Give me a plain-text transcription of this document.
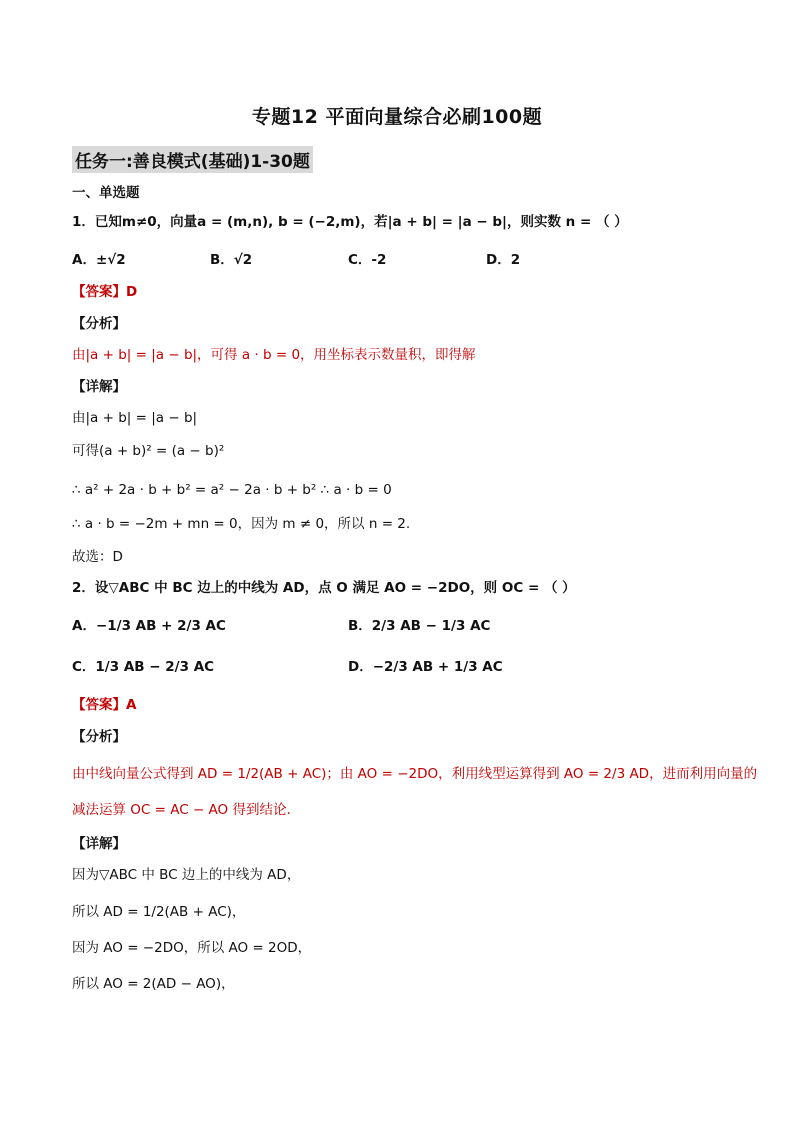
专题12 平面向量综合必刷100题
任务一:善良模式(基础)1-30题
一、单选题
1．已知m≠0，向量a = (m,n), b = (−2,m)，若|a + b| = |a − b|，则实数 n = （ ）
A．±√2	B．√2	C．-2	D．2
【答案】D
【分析】
由|a + b| = |a − b|，可得 a · b = 0，用坐标表示数量积，即得解
【详解】
由|a + b| = |a − b|
可得(a + b)² = (a − b)²
∴ a² + 2a · b + b² = a² − 2a · b + b² ∴ a · b = 0
∴ a · b = −2m + mn = 0，因为 m ≠ 0，所以 n = 2.
故选：D
2．设▽ABC 中 BC 边上的中线为 AD，点 O 满足 AO = −2DO，则 OC = （ ）
A．−1/3 AB + 2/3 AC	B．2/3 AB − 1/3 AC
C．1/3 AB − 2/3 AC	D．−2/3 AB + 1/3 AC
【答案】A
【分析】
由中线向量公式得到 AD = 1/2(AB + AC)；由 AO = −2DO，利用线型运算得到 AO = 2/3 AD，进而利用向量的
减法运算 OC = AC − AO 得到结论.
【详解】
因为▽ABC 中 BC 边上的中线为 AD，
所以 AD = 1/2(AB + AC)，
因为 AO = −2DO，所以 AO = 2OD，
所以 AO = 2(AD − AO)，
